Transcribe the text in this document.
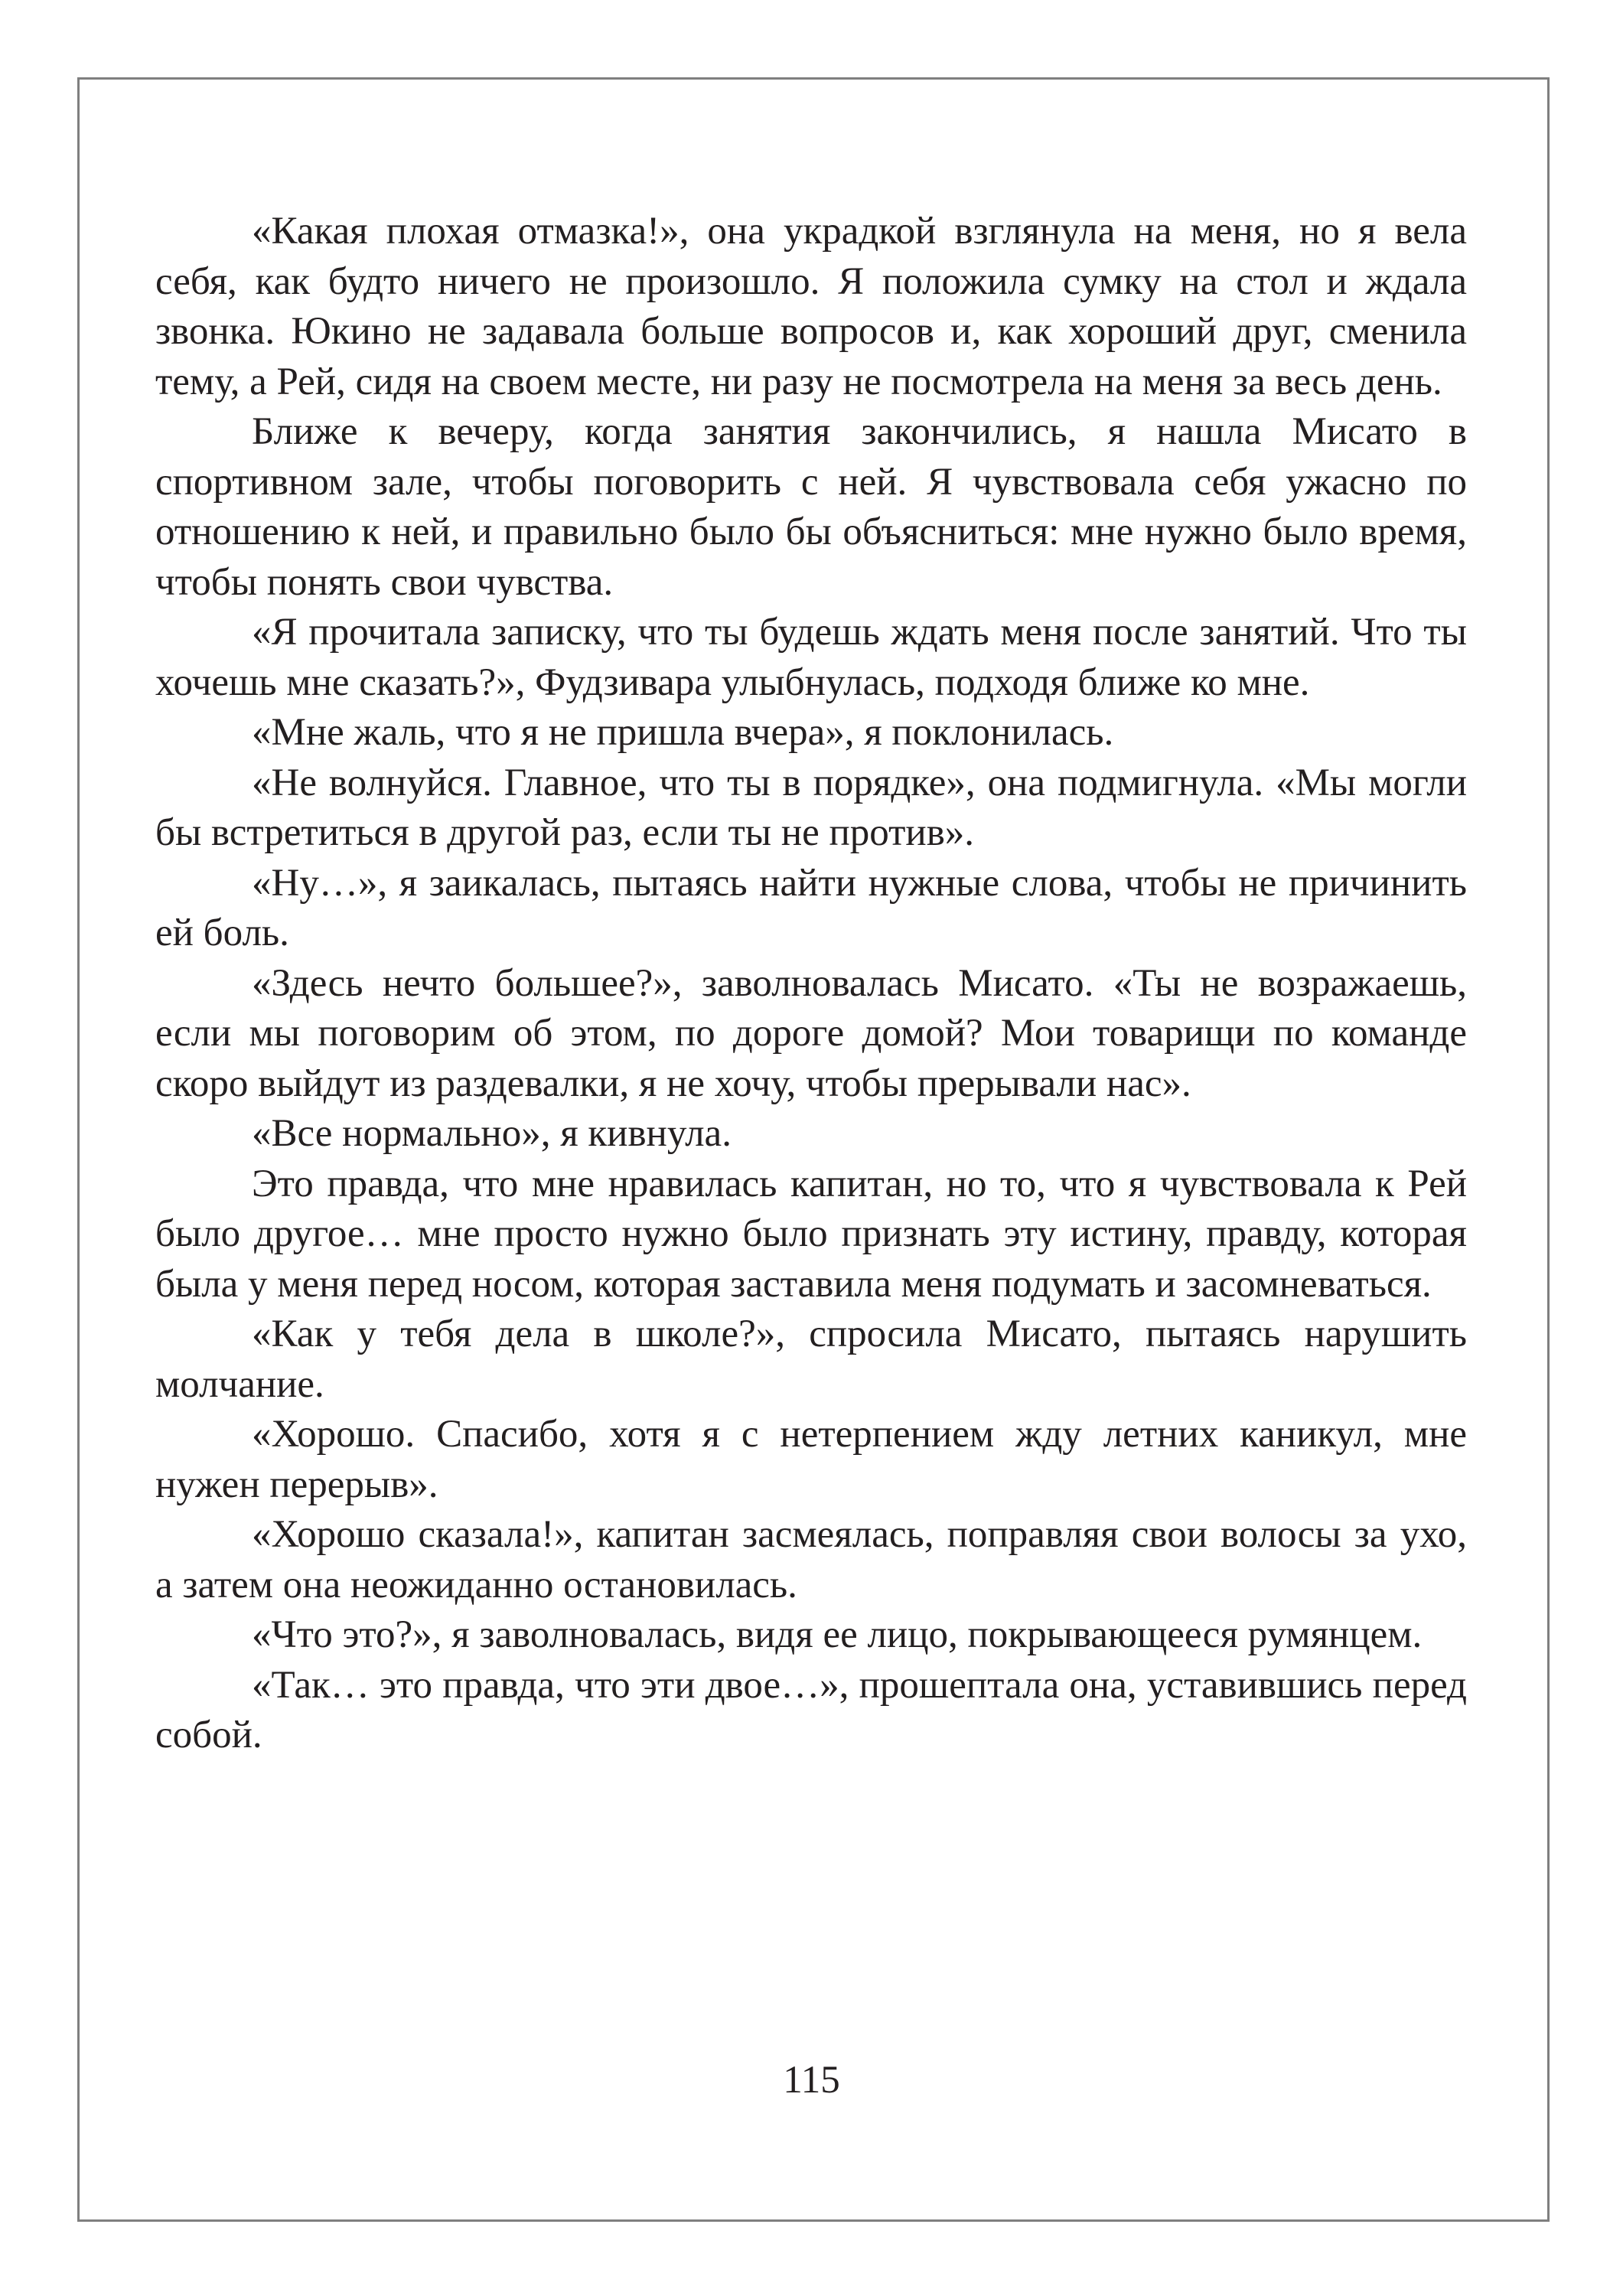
«Какая плохая отмазка!», она украдкой взглянула на меня, но я вела себя, как будто ничего не произошло. Я положила сумку на стол и ждала звонка. Юкино не задавала больше вопросов и, как хороший друг, сменила тему, а Рей, сидя на своем месте, ни разу не посмотрела на меня за весь день.

Ближе к вечеру, когда занятия закончились, я нашла Мисато в спортивном зале, чтобы поговорить с ней. Я чувствовала себя ужасно по отношению к ней, и правильно было бы объясниться: мне нужно было время, чтобы понять свои чувства.

«Я прочитала записку, что ты будешь ждать меня после занятий. Что ты хочешь мне сказать?», Фудзивара улыбнулась, подходя ближе ко мне.

«Мне жаль, что я не пришла вчера», я поклонилась.

«Не волнуйся. Главное, что ты в порядке», она подмигнула. «Мы могли бы встретиться в другой раз, если ты не против».

«Ну…», я заикалась, пытаясь найти нужные слова, чтобы не причинить ей боль.

«Здесь нечто большее?», заволновалась Мисато. «Ты не возражаешь, если мы поговорим об этом, по дороге домой? Мои товарищи по команде скоро выйдут из раздевалки, я не хочу, чтобы прерывали нас».

«Все нормально», я кивнула.

Это правда, что мне нравилась капитан, но то, что я чувствовала к Рей было другое… мне просто нужно было признать эту истину, правду, которая была у меня перед носом, которая заставила меня подумать и засомневаться.

«Как у тебя дела в школе?», спросила Мисато, пытаясь нарушить молчание.

«Хорошо. Спасибо, хотя я с нетерпением жду летних каникул, мне нужен перерыв».

«Хорошо сказала!», капитан засмеялась, поправляя свои волосы за ухо, а затем она неожиданно остановилась.

«Что это?», я заволновалась, видя ее лицо, покрывающееся румянцем.

«Так… это правда, что эти двое…», прошептала она, уставившись перед собой.

115
